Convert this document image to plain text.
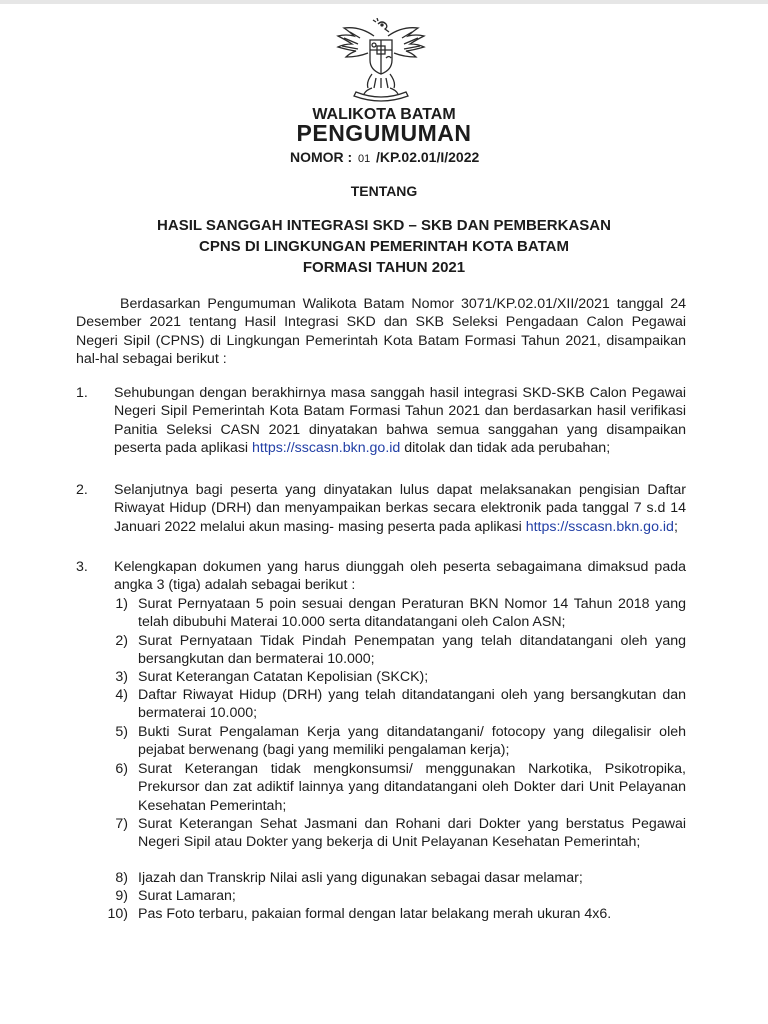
WALIKOTA BATAM
PENGUMUMAN
NOMOR : 01 /KP.02.01/I/2022
TENTANG
HASIL SANGGAH INTEGRASI SKD – SKB DAN PEMBERKASAN
CPNS DI LINGKUNGAN PEMERINTAH KOTA BATAM
FORMASI TAHUN 2021
Berdasarkan Pengumuman Walikota Batam Nomor 3071/KP.02.01/XII/2021 tanggal 24 Desember 2021 tentang Hasil Integrasi SKD dan SKB Seleksi Pengadaan Calon Pegawai Negeri Sipil (CPNS) di Lingkungan Pemerintah Kota Batam Formasi Tahun 2021, disampaikan hal-hal sebagai berikut :
1. Sehubungan dengan berakhirnya masa sanggah hasil integrasi SKD-SKB Calon Pegawai Negeri Sipil Pemerintah Kota Batam Formasi Tahun 2021 dan berdasarkan hasil verifikasi Panitia Seleksi CASN 2021 dinyatakan bahwa semua sanggahan yang disampaikan peserta pada aplikasi https://sscasn.bkn.go.id ditolak dan tidak ada perubahan;
2. Selanjutnya bagi peserta yang dinyatakan lulus dapat melaksanakan pengisian Daftar Riwayat Hidup (DRH) dan menyampaikan berkas secara elektronik pada tanggal 7 s.d 14 Januari 2022 melalui akun masing- masing peserta pada aplikasi https://sscasn.bkn.go.id;
3. Kelengkapan dokumen yang harus diunggah oleh peserta sebagaimana dimaksud pada angka 3 (tiga) adalah sebagai berikut :
1) Surat Pernyataan 5 poin sesuai dengan Peraturan BKN Nomor 14 Tahun 2018 yang telah dibubuhi Materai 10.000 serta ditandatangani oleh Calon ASN;
2) Surat Pernyataan Tidak Pindah Penempatan yang telah ditandatangani oleh yang bersangkutan dan bermaterai 10.000;
3) Surat Keterangan Catatan Kepolisian (SKCK);
4) Daftar Riwayat Hidup (DRH) yang telah ditandatangani oleh yang bersangkutan dan bermaterai 10.000;
5) Bukti Surat Pengalaman Kerja yang ditandatangani/ fotocopy yang dilegalisir oleh pejabat berwenang (bagi yang memiliki pengalaman kerja);
6) Surat Keterangan tidak mengkonsumsi/ menggunakan Narkotika, Psikotropika, Prekursor dan zat adiktif lainnya yang ditandatangani oleh Dokter dari Unit Pelayanan Kesehatan Pemerintah;
7) Surat Keterangan Sehat Jasmani dan Rohani dari Dokter yang berstatus Pegawai Negeri Sipil atau Dokter yang bekerja di Unit Pelayanan Kesehatan Pemerintah;
8) Ijazah dan Transkrip Nilai asli yang digunakan sebagai dasar melamar;
9) Surat Lamaran;
10) Pas Foto terbaru, pakaian formal dengan latar belakang merah ukuran 4x6.
